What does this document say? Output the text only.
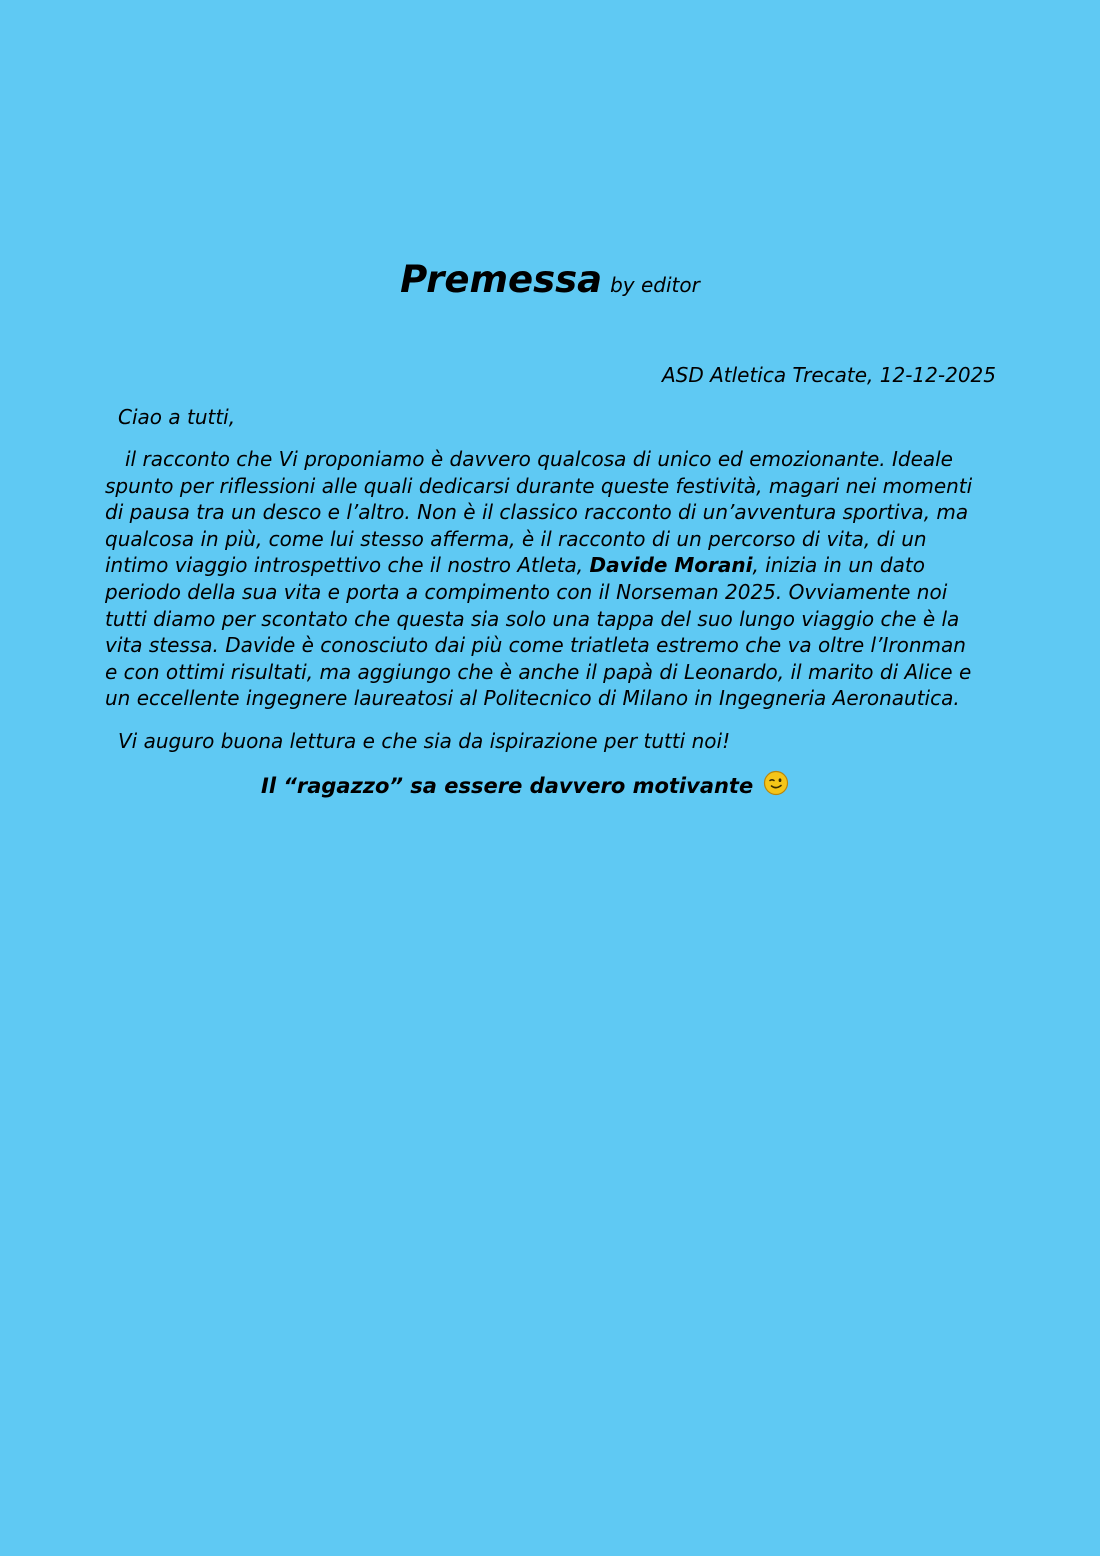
Premessa by editor
ASD Atletica Trecate, 12-12-2025
Ciao a tutti,

il racconto che Vi proponiamo è davvero qualcosa di unico ed emozionante. Ideale
spunto per riflessioni alle quali dedicarsi durante queste festività, magari nei momenti
di pausa tra un desco e l’altro. Non è il classico racconto di un’avventura sportiva, ma
qualcosa in più, come lui stesso afferma, è il racconto di un percorso di vita, di un
intimo viaggio introspettivo che il nostro Atleta, Davide Morani, inizia in un dato
periodo della sua vita e porta a compimento con il Norseman 2025. Ovviamente noi
tutti diamo per scontato che questa sia solo una tappa del suo lungo viaggio che è la
vita stessa. Davide è conosciuto dai più come triatleta estremo che va oltre l’Ironman
e con ottimi risultati, ma aggiungo che è anche il papà di Leonardo, il marito di Alice e
un eccellente ingegnere laureatosi al Politecnico di Milano in Ingegneria Aeronautica.

Vi auguro buona lettura e che sia da ispirazione per tutti noi!
Il “ragazzo” sa essere davvero motivante
